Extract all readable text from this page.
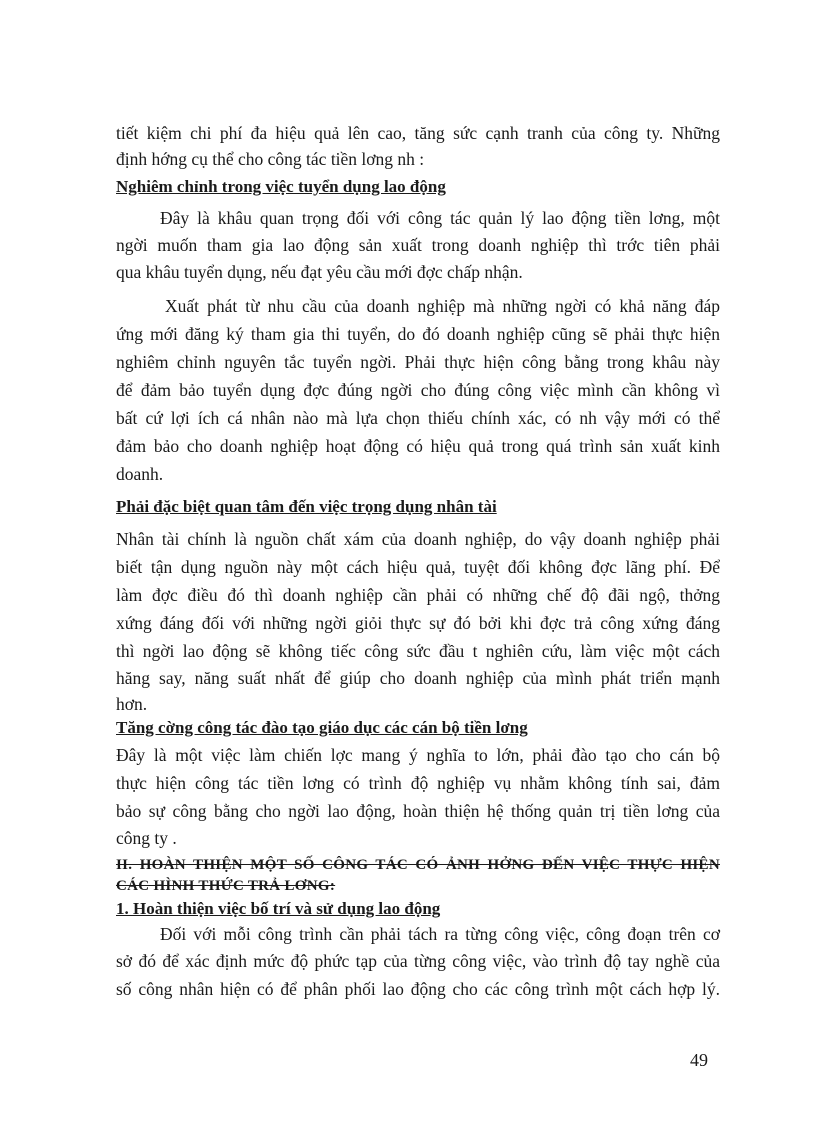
tiết kiệm chi phí đa hiệu quả lên cao, tăng sức cạnh tranh của công ty. Những
định hớng cụ thể cho công tác tiền lơng nh :
Nghiêm chỉnh trong việc tuyển dụng lao động
Đây là khâu quan trọng đối với công tác quản lý lao động tiền lơng, một
ngời muốn tham gia lao động sản xuất trong doanh nghiệp thì trớc tiên phải
qua khâu tuyển dụng, nếu đạt yêu cầu mới đợc chấp nhận.
Xuất phát từ nhu cầu của doanh nghiệp mà những ngời có khả năng đáp
ứng mới đăng ký tham gia thi tuyển, do đó doanh nghiệp cũng sẽ phải thực hiện
nghiêm chỉnh nguyên tắc tuyển ngời. Phải thực hiện công bằng trong khâu này
để đảm bảo tuyển dụng đợc đúng ngời cho đúng công việc mình cần không vì
bất cứ lợi ích cá nhân nào mà lựa chọn thiếu chính xác, có nh vậy mới có thể
đảm bảo cho doanh nghiệp hoạt động có hiệu quả trong quá trình sản xuất kinh
doanh.
Phải đặc biệt quan tâm đến việc trọng dụng nhân tài
Nhân tài chính là nguồn chất xám của doanh nghiệp, do vậy doanh nghiệp phải
biết tận dụng nguồn này một cách hiệu quả, tuyệt đối không đợc lãng phí. Để
làm đợc điều đó thì doanh nghiệp cần phải có những chế độ đãi ngộ, thởng
xứng đáng đối với những ngời giỏi thực sự đó bởi khi đợc trả công xứng đáng
thì ngời lao động sẽ không tiếc công sức đầu t nghiên cứu, làm việc một cách
hăng say, năng suất nhất để giúp cho doanh nghiệp của mình phát triển mạnh
hơn.
Tăng cờng công tác đào tạo giáo dục các cán bộ tiền lơng
Đây là một việc làm chiến lợc mang ý nghĩa to lớn, phải đào tạo cho cán bộ
thực hiện công tác tiền lơng có trình độ nghiệp vụ nhằm không tính sai, đảm
bảo sự công bằng cho ngời lao động, hoàn thiện hệ thống quản trị tiền lơng của
công ty .
II. HOÀN THIỆN MỘT SỐ CÔNG TÁC CÓ ẢNH HỞNG ĐẾN VIỆC THỰC HIỆN
CÁC HÌNH THỨC TRẢ LƠNG:
1. Hoàn thiện việc bố trí và sử dụng lao động
Đối với mỗi công trình cần phải tách ra từng công việc, công đoạn trên cơ
sở đó để xác định mức độ phức tạp của từng công việc, vào trình độ tay nghề của
số công nhân hiện có để phân phối lao động cho các công trình một cách hợp lý.
49
